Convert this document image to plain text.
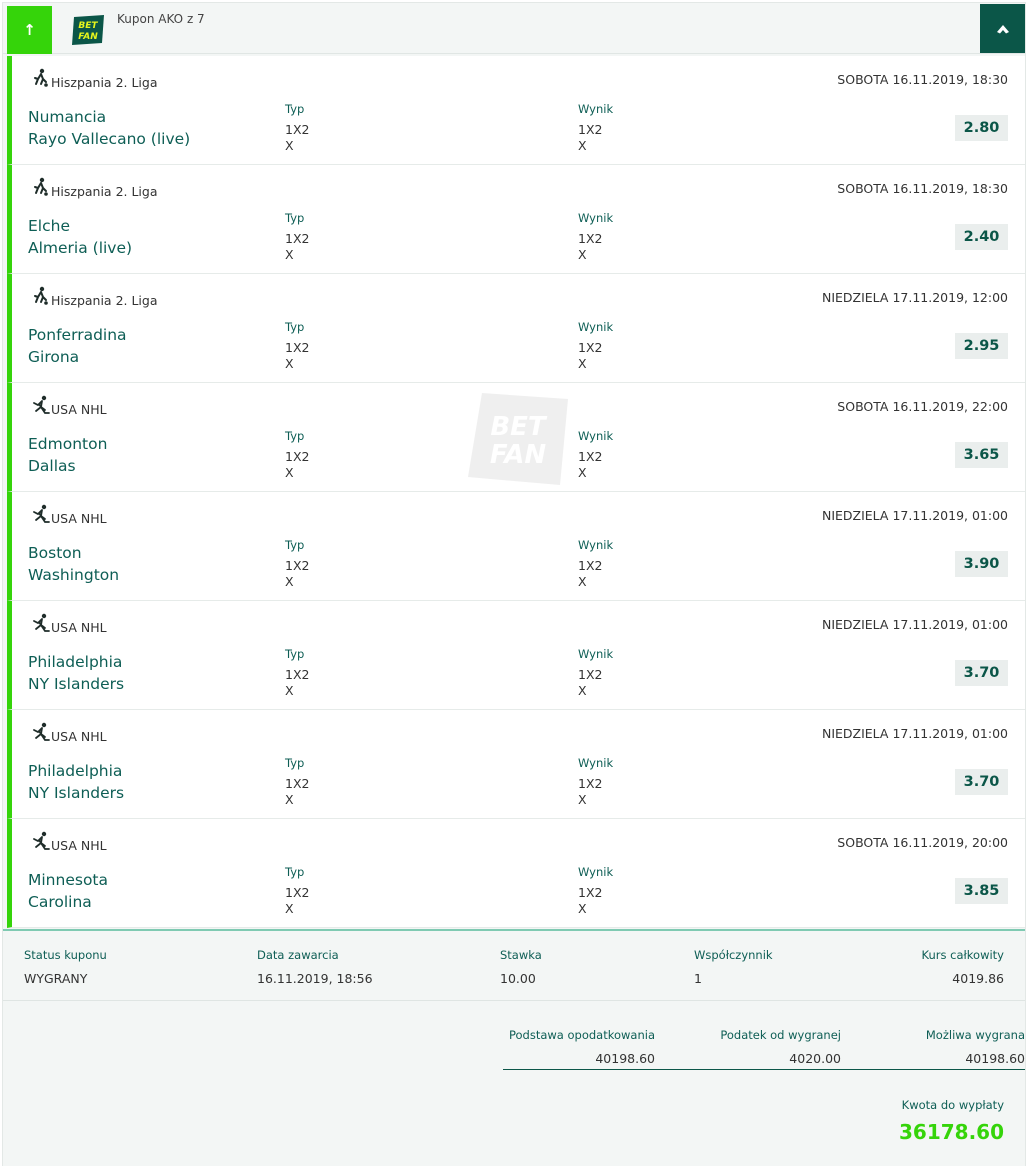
↑	BET
FAN
Kupon AKO z 7
Hiszpania 2. Liga	SOBOTA 16.11.2019, 18:30
Numancia
Rayo Vallecano (live)
Typ
1X2
X
Wynik
1X2
X
2.80
Hiszpania 2. Liga	SOBOTA 16.11.2019, 18:30
Elche
Almeria (live)
Typ
1X2
X
Wynik
1X2
X
2.40
Hiszpania 2. Liga	NIEDZIELA 17.11.2019, 12:00
Ponferradina
Girona
Typ
1X2
X
Wynik
1X2
X
2.95
USA NHL	SOBOTA 16.11.2019, 22:00
Edmonton
Dallas
Typ
1X2
X
Wynik
1X2
X
3.65
USA NHL	NIEDZIELA 17.11.2019, 01:00
Boston
Washington
Typ
1X2
X
Wynik
1X2
X
3.90
USA NHL	NIEDZIELA 17.11.2019, 01:00
Philadelphia
NY Islanders
Typ
1X2
X
Wynik
1X2
X
3.70
USA NHL	NIEDZIELA 17.11.2019, 01:00
Philadelphia
NY Islanders
Typ
1X2
X
Wynik
1X2
X
3.70
USA NHL	SOBOTA 16.11.2019, 20:00
Minnesota
Carolina
Typ
1X2
X
Wynik
1X2
X
3.85
BET
FAN
Status kuponu
WYGRANY
Data zawarcia
16.11.2019, 18:56
Stawka
10.00
Współczynnik
1
Kurs całkowity
4019.86
Podstawa opodatkowania
40198.60
Podatek od wygranej
4020.00
Możliwa wygrana
40198.60
Kwota do wypłaty
36178.60
